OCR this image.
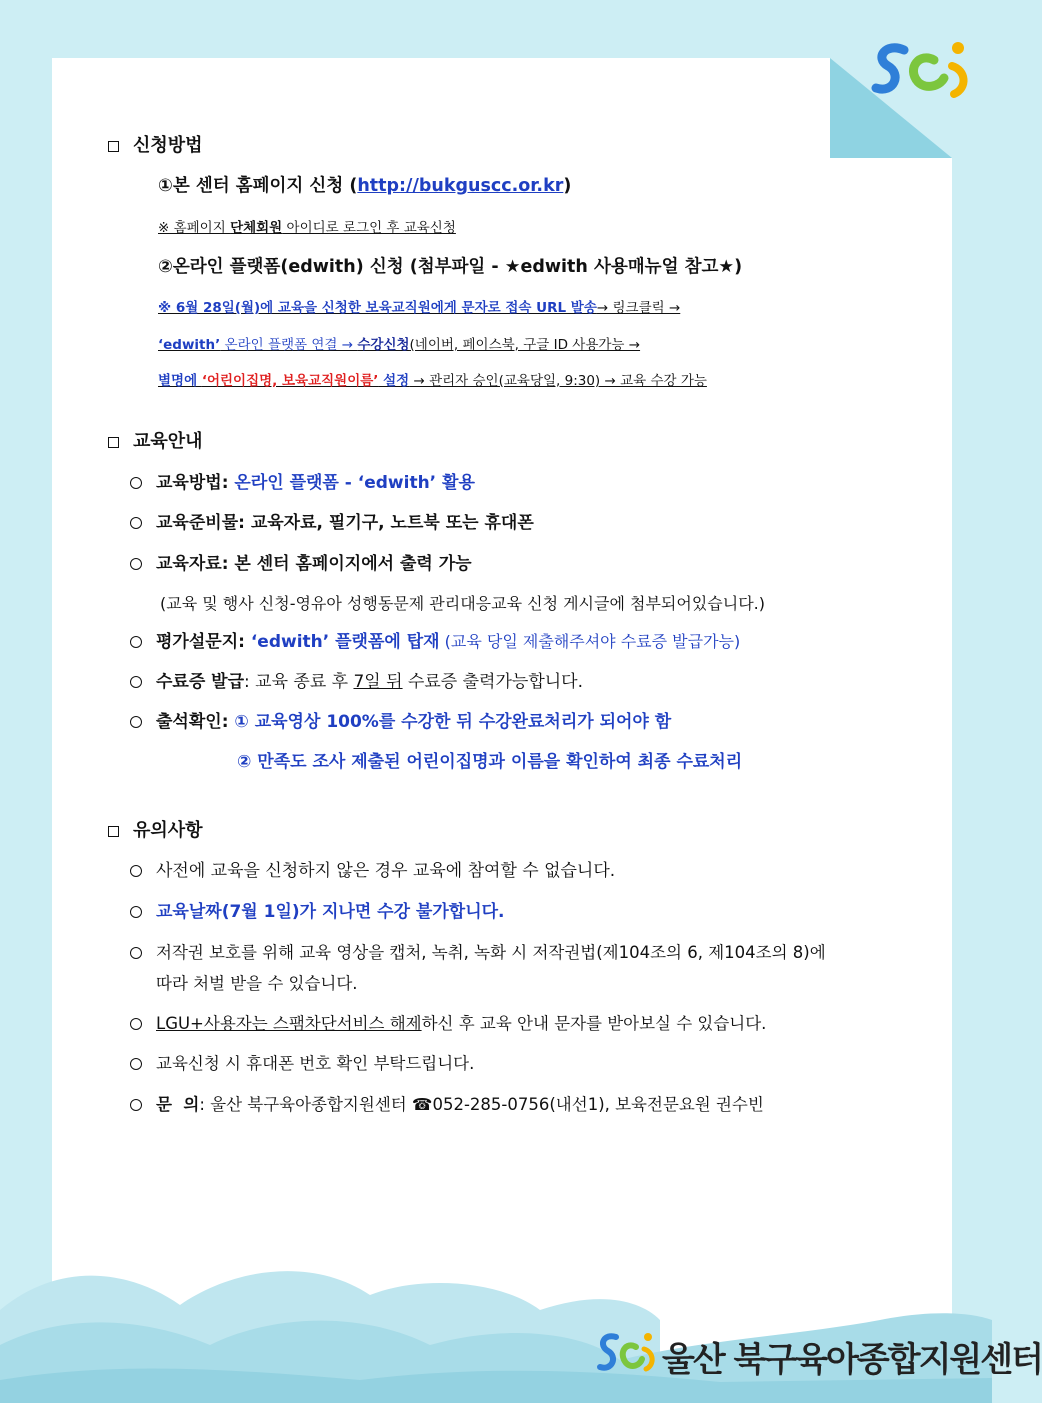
신청방법
①본 센터 홈페이지 신청 (http://bukguscc.or.kr)
※ 홈페이지 단체회원 아이디로 로그인 후 교육신청
②온라인 플랫폼(edwith) 신청 (첨부파일 - ★edwith 사용매뉴얼 참고★)
※ 6월 28일(월)에 교육을 신청한 보육교직원에게 문자로 접속 URL 발송→ 링크클릭 →
‘edwith’ 온라인 플랫폼 연결 → 수강신청(네이버, 페이스북, 구글 ID 사용가능 →
별명에 ‘어린이집명, 보육교직원이름’ 설정 → 관리자 승인(교육당일, 9:30) → 교육 수강 가능
교육안내
교육방법: 온라인 플랫폼 - ‘edwith’ 활용
교육준비물: 교육자료, 필기구, 노트북 또는 휴대폰
교육자료: 본 센터 홈페이지에서 출력 가능
(교육 및 행사 신청-영유아 성행동문제 관리대응교육 신청 게시글에 첨부되어있습니다.)
평가설문지: ‘edwith’ 플랫폼에 탑재 (교육 당일 제출해주셔야 수료증 발급가능)
수료증 발급: 교육 종료 후 7일 뒤 수료증 출력가능합니다.
출석확인: ① 교육영상 100%를 수강한 뒤 수강완료처리가 되어야 함
② 만족도 조사 제출된 어린이집명과 이름을 확인하여 최종 수료처리
유의사항
사전에 교육을 신청하지 않은 경우 교육에 참여할 수 없습니다.
교육날짜(7월 1일)가 지나면 수강 불가합니다.
저작권 보호를 위해 교육 영상을 캡처, 녹취, 녹화 시 저작권법(제104조의 6, 제104조의 8)에
따라 처벌 받을 수 있습니다.
LGU+사용자는 스팸차단서비스 해제하신 후 교육 안내 문자를 받아보실 수 있습니다.
교육신청 시 휴대폰 번호 확인 부탁드립니다.
문  의: 울산 북구육아종합지원센터 ☎052-285-0756(내선1), 보육전문요원 권수빈
울산 북구육아종합지원센터
